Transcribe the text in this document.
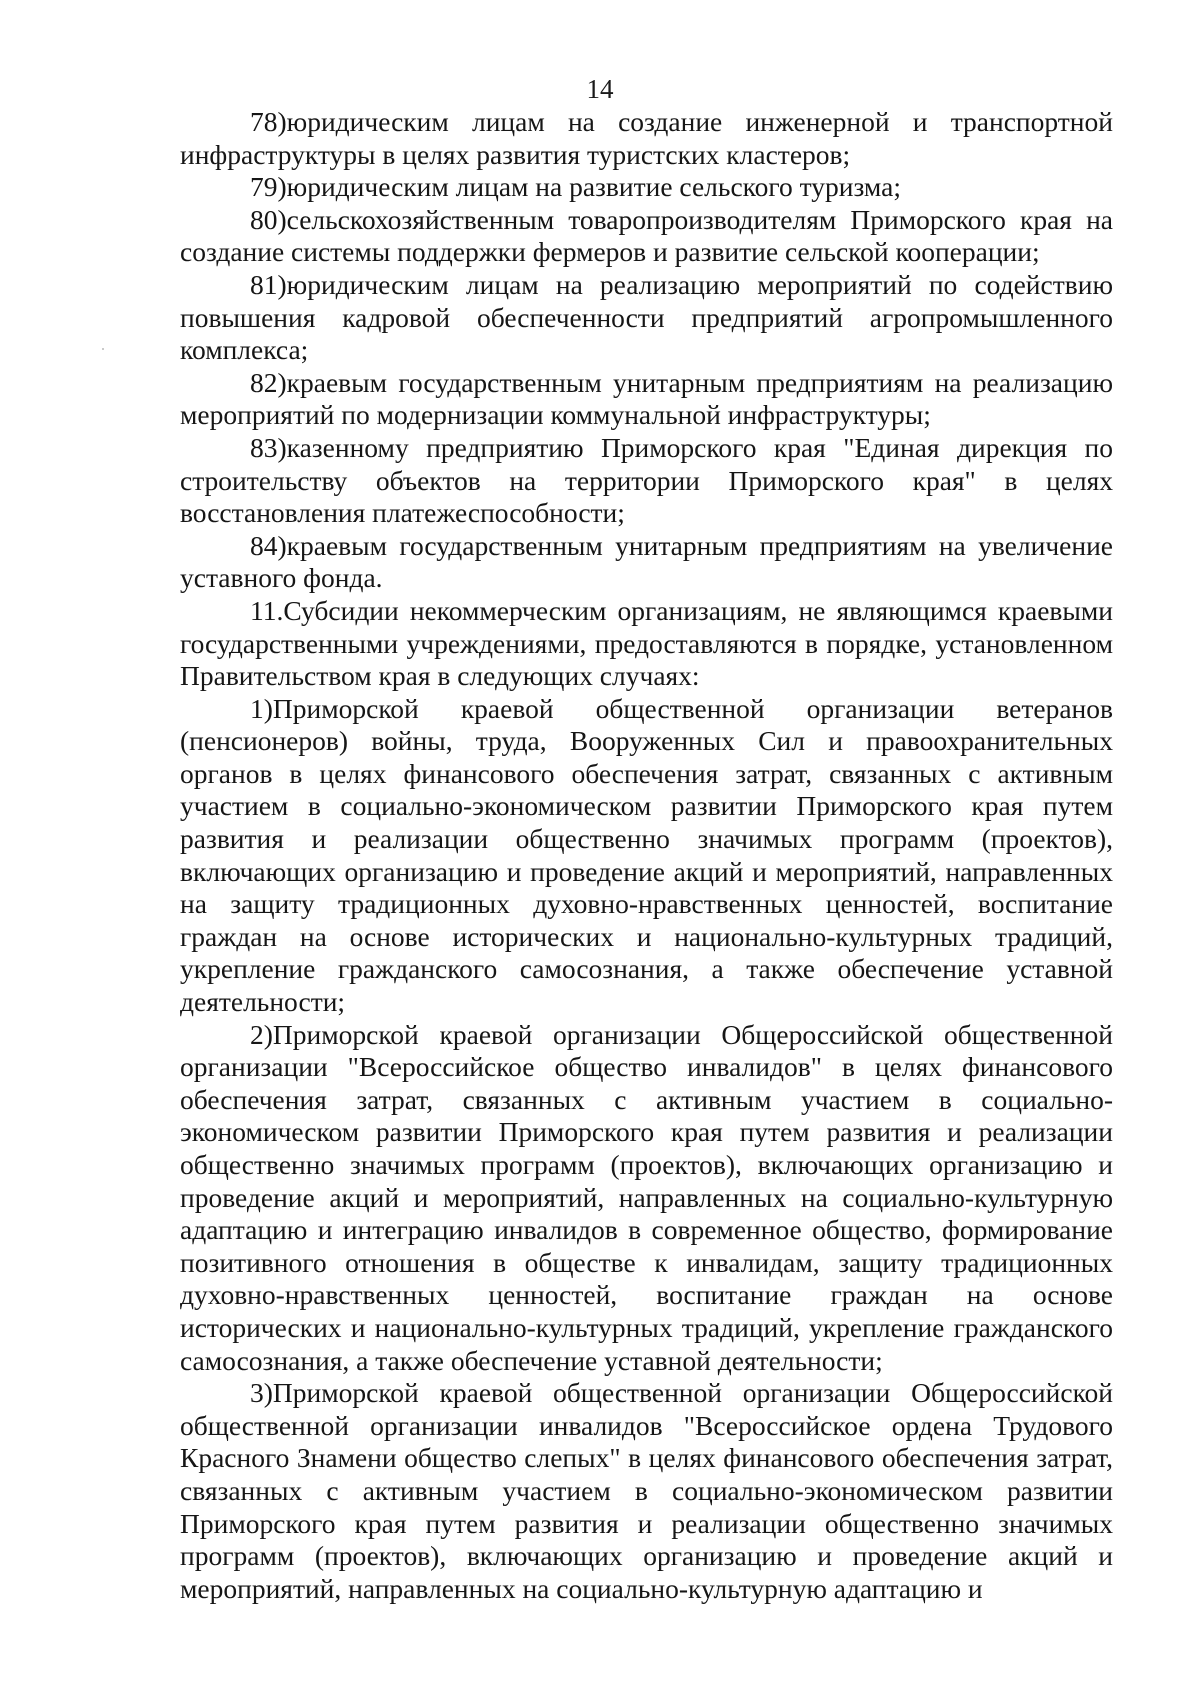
14

78)юридическим лицам на создание инженерной и транспортной инфраструктуры в целях развития туристских кластеров;

79)юридическим лицам на развитие сельского туризма;

80)сельскохозяйственным товаропроизводителям Приморского края на создание системы поддержки фермеров и развитие сельской кооперации;

81)юридическим лицам на реализацию мероприятий по содействию повышения кадровой обеспеченности предприятий агропромышленного комплекса;

82)краевым государственным унитарным предприятиям на реализацию мероприятий по модернизации коммунальной инфраструктуры;

83)казенному предприятию Приморского края "Единая дирекция по строительству объектов на территории Приморского края" в целях восстановления платежеспособности;

84)краевым государственным унитарным предприятиям на увеличение уставного фонда.

11.Субсидии некоммерческим организациям, не являющимся краевыми государственными учреждениями, предоставляются в порядке, установленном Правительством края в следующих случаях:

1)Приморской краевой общественной организации ветеранов (пенсионеров) войны, труда, Вооруженных Сил и правоохранительных органов в целях финансового обеспечения затрат, связанных с активным участием в социально-экономическом развитии Приморского края путем развития и реализации общественно значимых программ (проектов), включающих организацию и проведение акций и мероприятий, направленных на защиту традиционных духовно-нравственных ценностей, воспитание граждан на основе исторических и национально-культурных традиций, укрепление гражданского самосознания, а также обеспечение уставной деятельности;

2)Приморской краевой организации Общероссийской общественной организации "Всероссийское общество инвалидов" в целях финансового обеспечения затрат, связанных с активным участием в социально-экономическом развитии Приморского края путем развития и реализации общественно значимых программ (проектов), включающих организацию и проведение акций и мероприятий, направленных на социально-культурную адаптацию и интеграцию инвалидов в современное общество, формирование позитивного отношения в обществе к инвалидам, защиту традиционных духовно-нравственных ценностей, воспитание граждан на основе исторических и национально-культурных традиций, укрепление гражданского самосознания, а также обеспечение уставной деятельности;

3)Приморской краевой общественной организации Общероссийской общественной организации инвалидов "Всероссийское ордена Трудового Красного Знамени общество слепых" в целях финансового обеспечения затрат, связанных с активным участием в социально-экономическом развитии Приморского края путем развития и реализации общественно значимых программ (проектов), включающих организацию и проведение акций и мероприятий, направленных на социально-культурную адаптацию и
